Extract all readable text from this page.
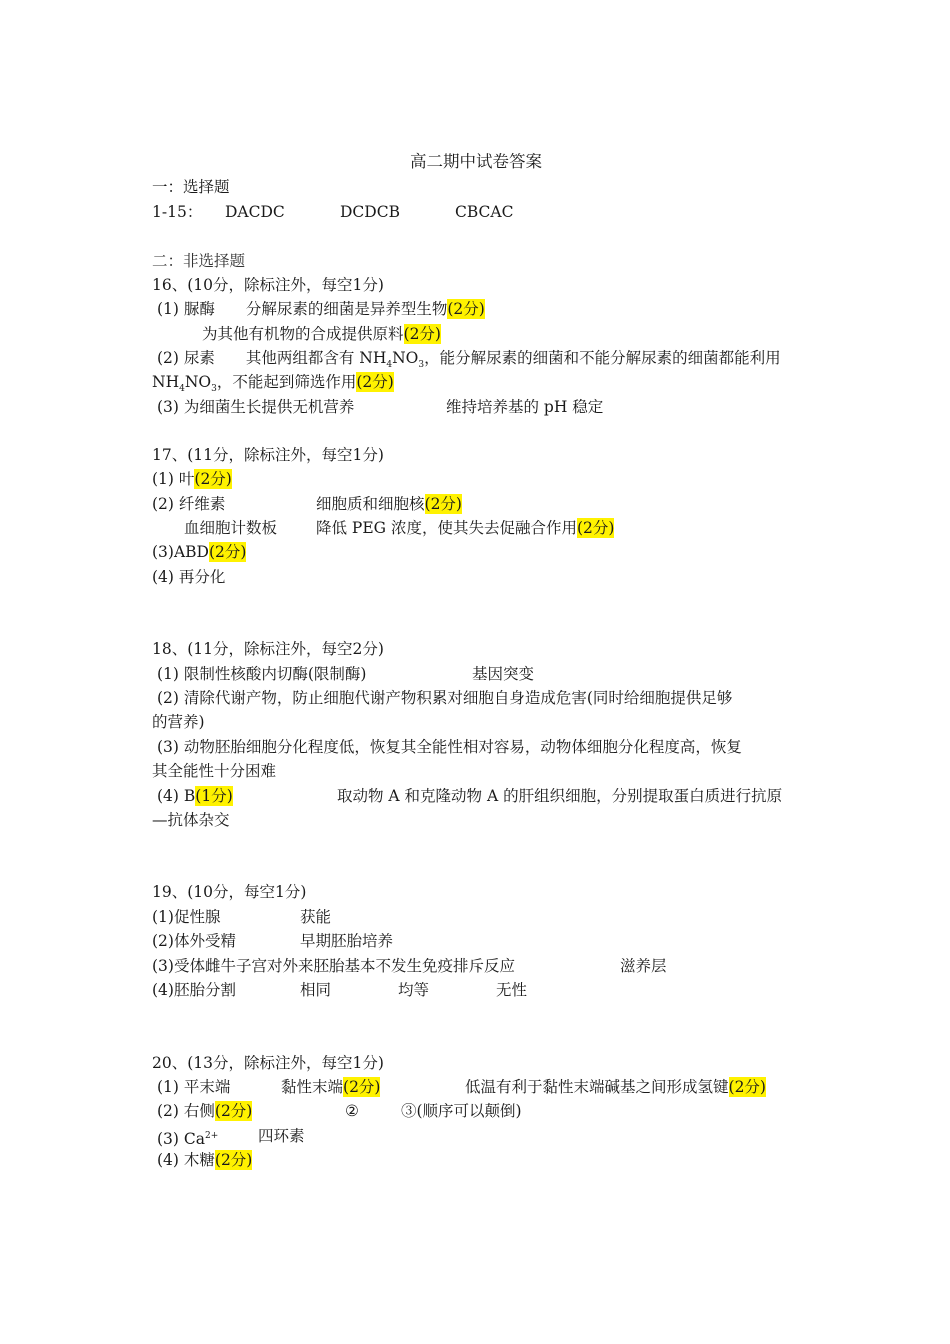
高二期中试卷答案
一：选择题
1-15： DACDC	DCDCB	CBCAC
二：非选择题
16、(10分，除标注外，每空1分)
(1) 脲酶 分解尿素的细菌是异养型生物(2分)
为其他有机物的合成提供原料(2分)
(2) 尿素 其他两组都含有 $NH_4NO_3$，能分解尿素的细菌和不能分解尿素的细菌都能利用
$NH_4NO_3$，不能起到筛选作用(2分)
(3) 为细菌生长提供无机营养	维持培养基的 pH 稳定
17、(11分，除标注外，每空1分)
(1) 叶(2分)
(2) 纤维素	细胞质和细胞核(2分)
血细胞计数板	降低 PEG 浓度，使其失去促融合作用(2分)
(3)ABD(2分)
(4) 再分化
18、(11分，除标注外，每空2分)
(1) 限制性核酸内切酶(限制酶)	基因突变
(2) 清除代谢产物，防止细胞代谢产物积累对细胞自身造成危害(同时给细胞提供足够
的营养)
(3) 动物胚胎细胞分化程度低，恢复其全能性相对容易，动物体细胞分化程度高，恢复
其全能性十分困难
(4) B(1分)	取动物 A 和克隆动物 A 的肝组织细胞，分别提取蛋白质进行抗原
—抗体杂交
19、(10分，每空1分)
(1)促性腺	获能
(2)体外受精	早期胚胎培养
(3)受体雌牛子宫对外来胚胎基本不发生免疫排斥反应	滋养层
(4)胚胎分割	相同	均等	无性
20、(13分，除标注外，每空1分)
(1) 平末端	黏性末端(2分)	低温有利于黏性末端碱基之间形成氢键(2分)
(2) 右侧(2分)	②	③(顺序可以颠倒)
(3) $Ca^{2+}$	四环素
(4) 木糖(2分)
